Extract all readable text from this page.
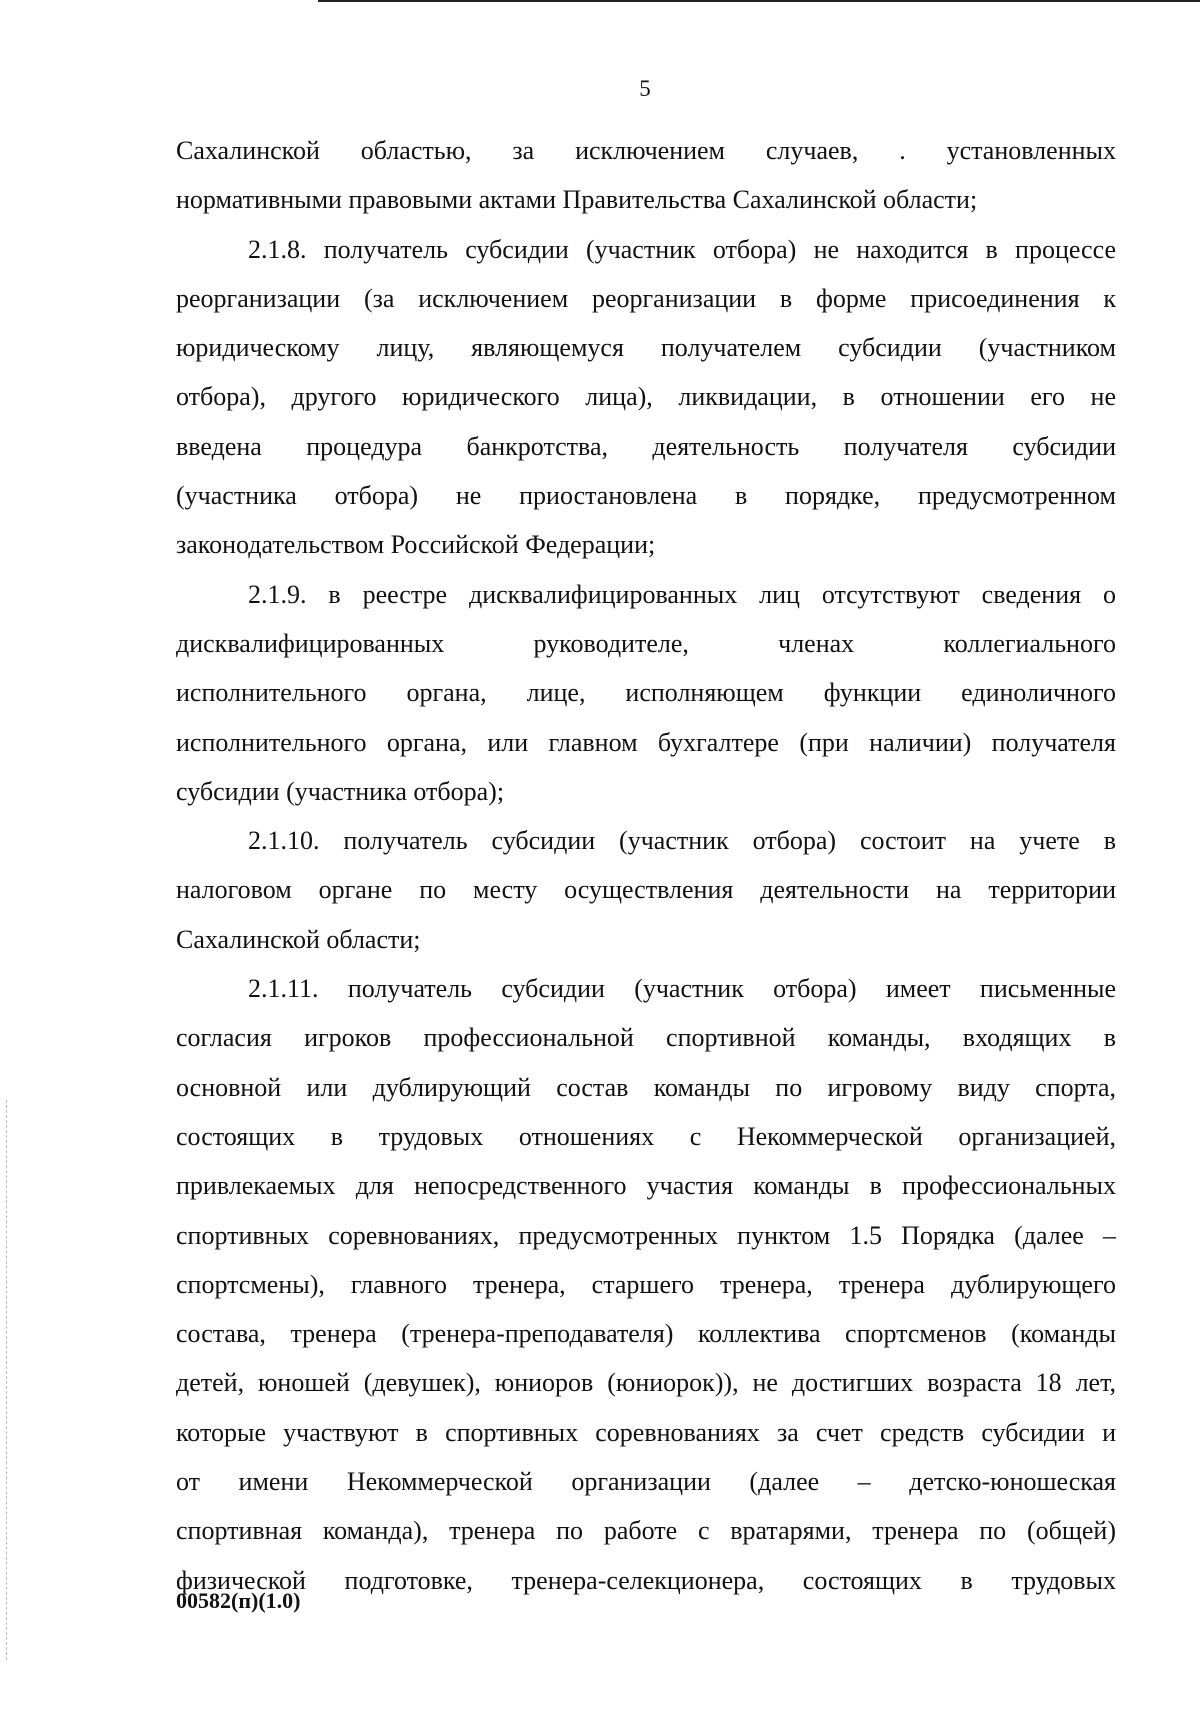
5
Сахалинской областью, за исключением случаев, . установленных
нормативными правовыми актами Правительства Сахалинской области;
2.1.8. получатель субсидии (участник отбора) не находится в процессе
реорганизации (за исключением реорганизации в форме присоединения к
юридическому лицу, являющемуся получателем субсидии (участником
отбора), другого юридического лица), ликвидации, в отношении его не
введена процедура банкротства, деятельность получателя субсидии
(участника отбора) не приостановлена в порядке, предусмотренном
законодательством Российской Федерации;
2.1.9. в реестре дисквалифицированных лиц отсутствуют сведения о
дисквалифицированных руководителе, членах коллегиального
исполнительного органа, лице, исполняющем функции единоличного
исполнительного органа, или главном бухгалтере (при наличии) получателя
субсидии (участника отбора);
2.1.10. получатель субсидии (участник отбора) состоит на учете в
налоговом органе по месту осуществления деятельности на территории
Сахалинской области;
2.1.11. получатель субсидии (участник отбора) имеет письменные
согласия игроков профессиональной спортивной команды, входящих в
основной или дублирующий состав команды по игровому виду спорта,
состоящих в трудовых отношениях с Некоммерческой организацией,
привлекаемых для непосредственного участия команды в профессиональных
спортивных соревнованиях, предусмотренных пунктом 1.5 Порядка (далее –
спортсмены), главного тренера, старшего тренера, тренера дублирующего
состава, тренера (тренера-преподавателя) коллектива спортсменов (команды
детей, юношей (девушек), юниоров (юниорок)), не достигших возраста 18 лет,
которые участвуют в спортивных соревнованиях за счет средств субсидии и
от имени Некоммерческой организации (далее – детско-юношеская
спортивная команда), тренера по работе с вратарями, тренера по (общей)
физической подготовке, тренера-селекционера, состоящих в трудовых
00582(п)(1.0)
